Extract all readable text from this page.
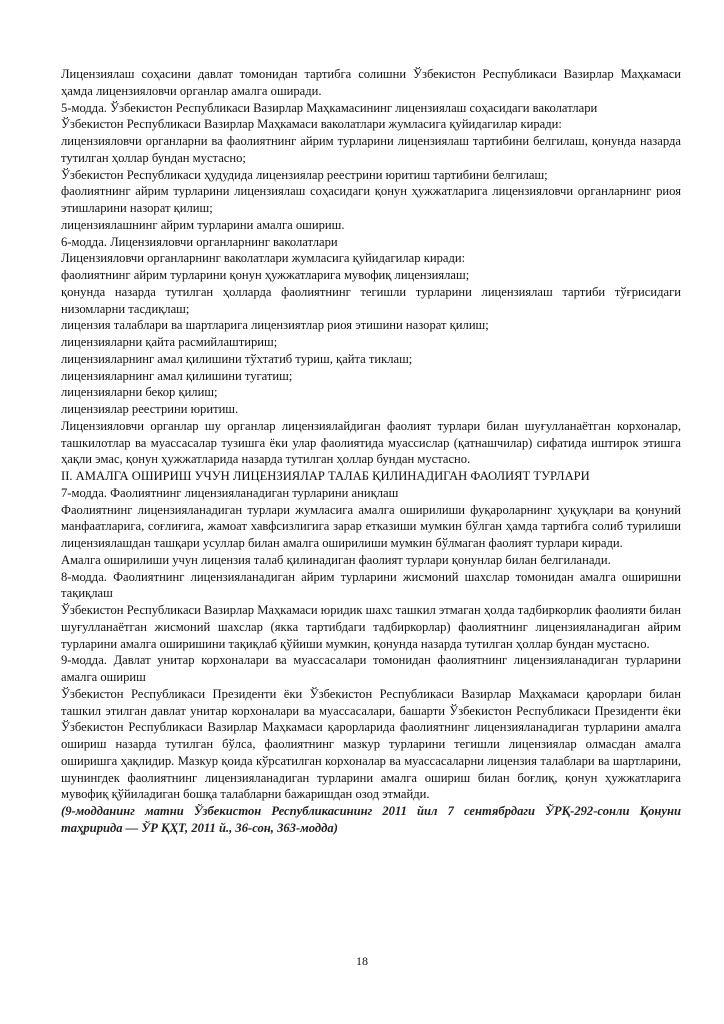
Лицензиялаш соҳасини давлат томонидан тартибга солишни Ўзбекистон Республикаси Вазирлар Маҳкамаси ҳамда лицензияловчи органлар амалга оширади.

5-модда. Ўзбекистон Республикаси Вазирлар Маҳкамасининг лицензиялаш соҳасидаги ваколатлари

Ўзбекистон Республикаси Вазирлар Маҳкамаси ваколатлари жумласига қуйидагилар киради:

лицензияловчи органларни ва фаолиятнинг айрим турларини лицензиялаш тартибини белгилаш, қонунда назарда тутилган ҳоллар бундан мустасно;

Ўзбекистон Республикаси ҳудудида лицензиялар реестрини юритиш тартибини белгилаш;

фаолиятнинг айрим турларини лицензиялаш соҳасидаги қонун ҳужжатларига лицензияловчи органларнинг риоя этишларини назорат қилиш;

лицензиялашнинг айрим турларини амалга ошириш.

6-модда. Лицензияловчи органларнинг ваколатлари

Лицензияловчи органларнинг ваколатлари жумласига қуйидагилар киради:

фаолиятнинг айрим турларини қонун ҳужжатларига мувофиқ лицензиялаш;

қонунда назарда тутилган ҳолларда фаолиятнинг тегишли турларини лицензиялаш тартиби тўғрисидаги низомларни тасдиқлаш;

лицензия талаблари ва шартларига лицензиятлар риоя этишини назорат қилиш;

лицензияларни қайта расмийлаштириш;

лицензияларнинг амал қилишини тўхтатиб туриш, қайта тиклаш;

лицензияларнинг амал қилишини тугатиш;

лицензияларни бекор қилиш;

лицензиялар реестрини юритиш.

Лицензияловчи органлар шу органлар лицензиялайдиган фаолият турлари билан шуғулланаётган корхоналар, ташкилотлар ва муассасалар тузишга ёки улар фаолиятида муассислар (қатнашчилар) сифатида иштирок этишга ҳақли эмас, қонун ҳужжатларида назарда тутилган ҳоллар бундан мустасно.

II. АМАЛГА ОШИРИШ УЧУН ЛИЦЕНЗИЯЛАР ТАЛАБ ҚИЛИНАДИГАН ФАОЛИЯТ ТУРЛАРИ

7-модда. Фаолиятнинг лицензияланадиган турларини аниқлаш

Фаолиятнинг лицензияланадиган турлари жумласига амалга оширилиши фуқароларнинг ҳуқуқлари ва қонуний манфаатларига, соғлиғига, жамоат хавфсизлигига зарар етказиши мумкин бўлган ҳамда тартибга солиб турилиши лицензиялашдан ташқари усуллар билан амалга оширилиши мумкин бўлмаган фаолият турлари киради.

Амалга оширилиши учун лицензия талаб қилинадиган фаолият турлари қонунлар билан белгиланади.

8-модда. Фаолиятнинг лицензияланадиган айрим турларини жисмоний шахслар томонидан амалга оширишни тақиқлаш

Ўзбекистон Республикаси Вазирлар Маҳкамаси юридик шахс ташкил этмаган ҳолда тадбиркорлик фаолияти билан шуғулланаётган жисмоний шахслар (якка тартибдаги тадбиркорлар) фаолиятнинг лицензияланадиган айрим турларини амалга оширишини тақиқлаб қўйиши мумкин, қонунда назарда тутилган ҳоллар бундан мустасно.

9-модда. Давлат унитар корхоналари ва муассасалари томонидан фаолиятнинг лицензияланадиган турларини амалга ошириш

Ўзбекистон Республикаси Президенти ёки Ўзбекистон Республикаси Вазирлар Маҳкамаси қарорлари билан ташкил этилган давлат унитар корхоналари ва муассасалари, башарти Ўзбекистон Республикаси Президенти ёки Ўзбекистон Республикаси Вазирлар Маҳкамаси қарорларида фаолиятнинг лицензияланадиган турларини амалга ошириш назарда тутилган бўлса, фаолиятнинг мазкур турларини тегишли лицензиялар олмасдан амалга оширишга ҳақлидир. Мазкур қоида кўрсатилган корхоналар ва муассасаларни лицензия талаблари ва шартларини, шунингдек фаолиятнинг лицензияланадиган турларини амалга ошириш билан боғлиқ, қонун ҳужжатларига мувофиқ қўйиладиган бошқа талабларни бажаришдан озод этмайди.

(9-модданинг матни Ўзбекистон Республикасининг 2011 йил 7 сентябрдаги ЎРҚ-292-сонли Қонуни таҳририда — ЎР ҚҲТ, 2011 й., 36-сон, 363-модда)

18
